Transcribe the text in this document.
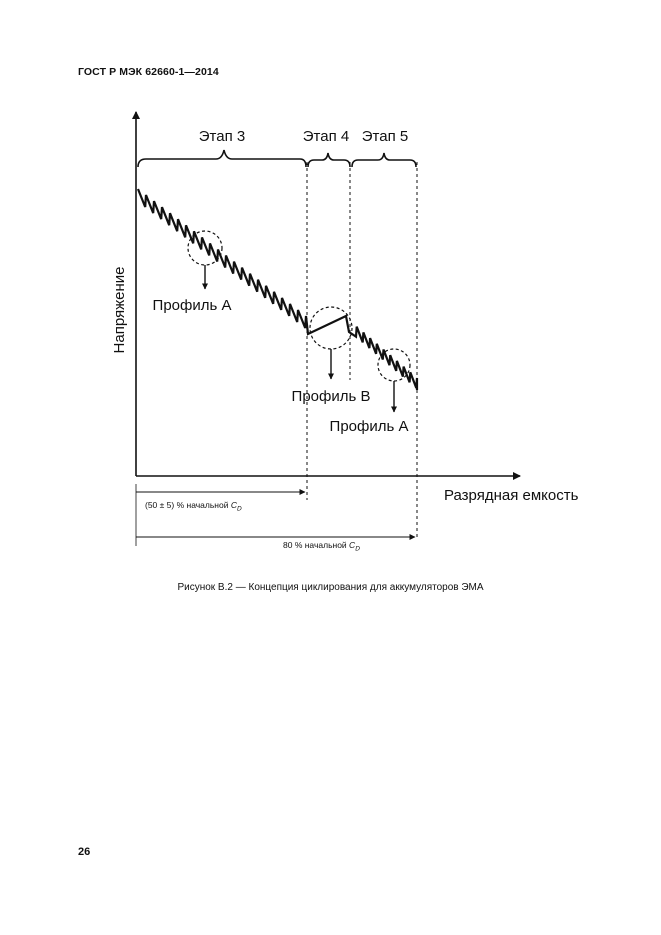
ГОСТ Р МЭК 62660-1—2014
Напряжение
Разрядная емкость
Этап 3	Этап 4 Этап 5
Профиль А
Профиль В
Профиль А
(50 ± 5) % начальной $C_D$
80 % начальной $C_D$
Рисунок В.2 — Концепция циклирования для аккумуляторов ЭМА
26
